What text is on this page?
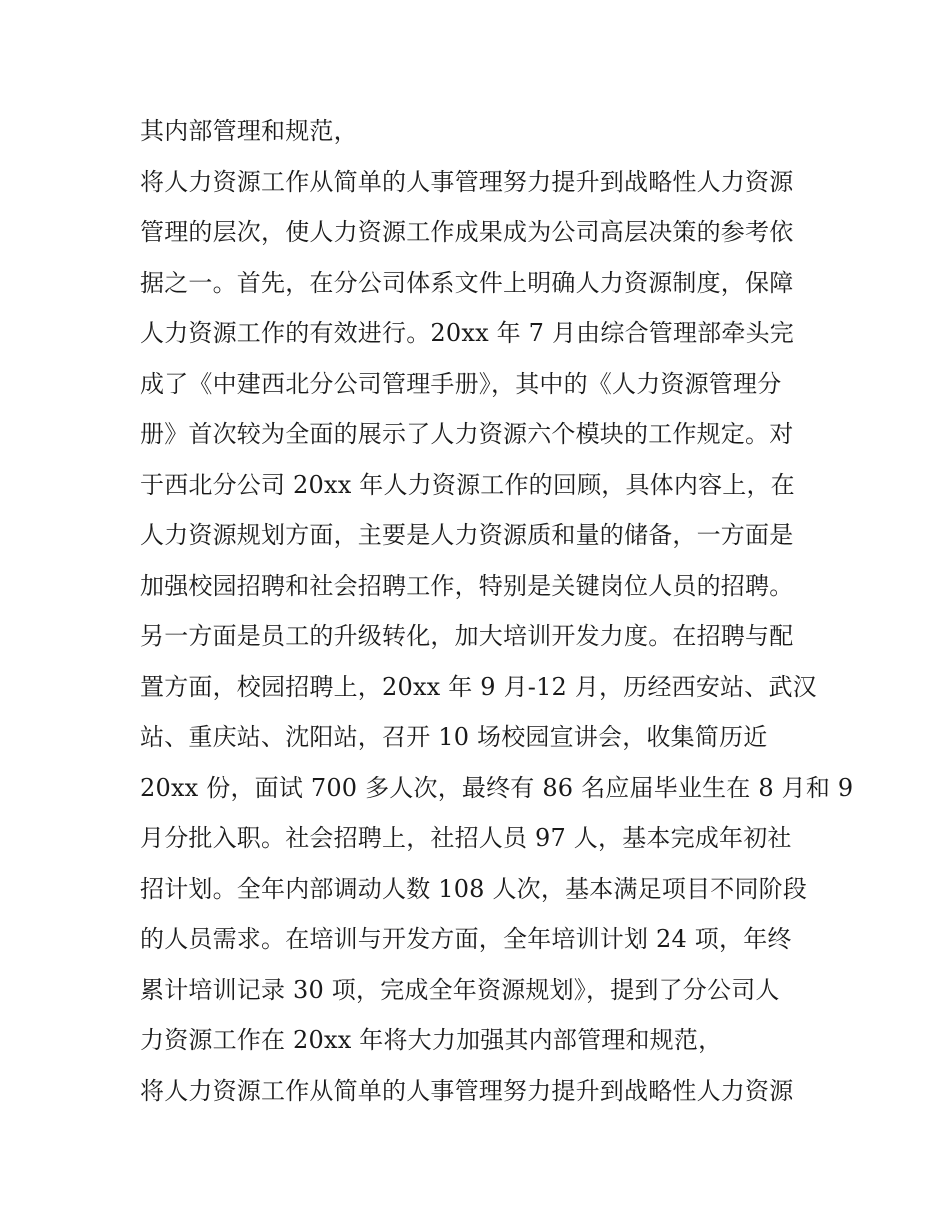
其内部管理和规范，
将人力资源工作从简单的人事管理努力提升到战略性人力资源
管理的层次，使人力资源工作成果成为公司高层决策的参考依
据之一。首先，在分公司体系文件上明确人力资源制度，保障
人力资源工作的有效进行。20xx 年 7 月由综合管理部牵头完
成了《中建西北分公司管理手册》，其中的《人力资源管理分
册》首次较为全面的展示了人力资源六个模块的工作规定。对
于西北分公司 20xx 年人力资源工作的回顾，具体内容上，在
人力资源规划方面，主要是人力资源质和量的储备，一方面是
加强校园招聘和社会招聘工作，特别是关键岗位人员的招聘。
另一方面是员工的升级转化，加大培训开发力度。在招聘与配
置方面，校园招聘上，20xx 年 9 月-12 月，历经西安站、武汉
站、重庆站、沈阳站，召开 10 场校园宣讲会，收集简历近
20xx 份，面试 700 多人次，最终有 86 名应届毕业生在 8 月和 9
月分批入职。社会招聘上，社招人员 97 人，基本完成年初社
招计划。全年内部调动人数 108 人次，基本满足项目不同阶段
的人员需求。在培训与开发方面，全年培训计划 24 项，年终
累计培训记录 30 项，完成全年资源规划》，提到了分公司人
力资源工作在 20xx 年将大力加强其内部管理和规范，
将人力资源工作从简单的人事管理努力提升到战略性人力资源
